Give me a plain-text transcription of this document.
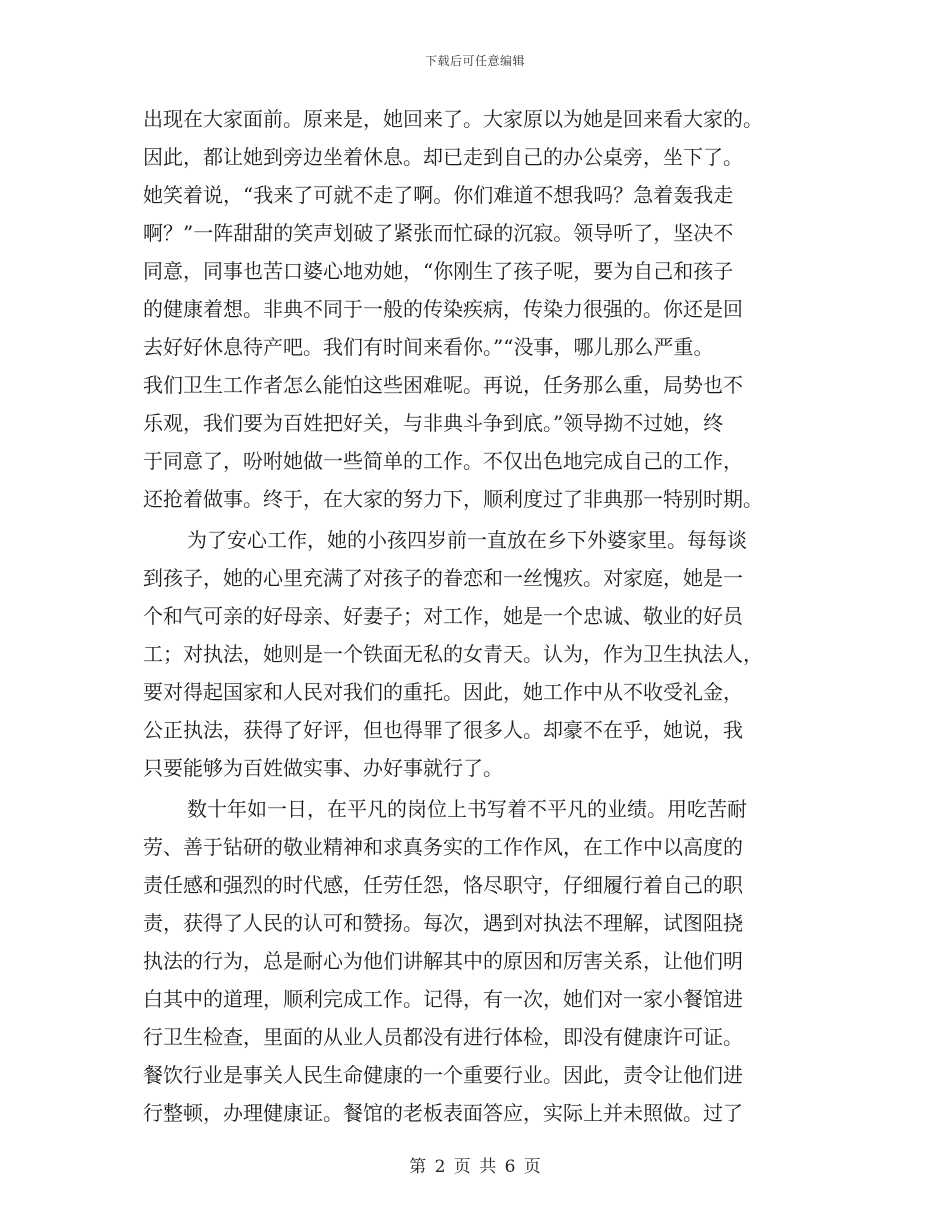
下载后可任意编辑
出现在大家面前。原来是，她回来了。大家原以为她是回来看大家的。
因此，都让她到旁边坐着休息。却已走到自己的办公桌旁，坐下了。
她笑着说，“我来了可就不走了啊。你们难道不想我吗？急着轰我走
啊？”一阵甜甜的笑声划破了紧张而忙碌的沉寂。领导听了，坚决不
同意，同事也苦口婆心地劝她，“你刚生了孩子呢，要为自己和孩子
的健康着想。非典不同于一般的传染疾病，传染力很强的。你还是回
去好好休息待产吧。我们有时间来看你。”“没事，哪儿那么严重。
我们卫生工作者怎么能怕这些困难呢。再说，任务那么重，局势也不
乐观，我们要为百姓把好关，与非典斗争到底。”领导拗不过她，终
于同意了，吩咐她做一些简单的工作。不仅出色地完成自己的工作，
还抢着做事。终于，在大家的努力下，顺利度过了非典那一特别时期。
为了安心工作，她的小孩四岁前一直放在乡下外婆家里。每每谈
到孩子，她的心里充满了对孩子的眷恋和一丝愧疚。对家庭，她是一
个和气可亲的好母亲、好妻子；对工作，她是一个忠诚、敬业的好员
工；对执法，她则是一个铁面无私的女青天。认为，作为卫生执法人，
要对得起国家和人民对我们的重托。因此，她工作中从不收受礼金，
公正执法，获得了好评，但也得罪了很多人。却豪不在乎，她说，我
只要能够为百姓做实事、办好事就行了。
数十年如一日，在平凡的岗位上书写着不平凡的业绩。用吃苦耐
劳、善于钻研的敬业精神和求真务实的工作作风，在工作中以高度的
责任感和强烈的时代感，任劳任怨，恪尽职守，仔细履行着自己的职
责，获得了人民的认可和赞扬。每次，遇到对执法不理解，试图阻挠
执法的行为，总是耐心为他们讲解其中的原因和厉害关系，让他们明
白其中的道理，顺利完成工作。记得，有一次，她们对一家小餐馆进
行卫生检查，里面的从业人员都没有进行体检，即没有健康许可证。
餐饮行业是事关人民生命健康的一个重要行业。因此，责令让他们进
行整顿，办理健康证。餐馆的老板表面答应，实际上并未照做。过了
第 2 页 共 6 页
